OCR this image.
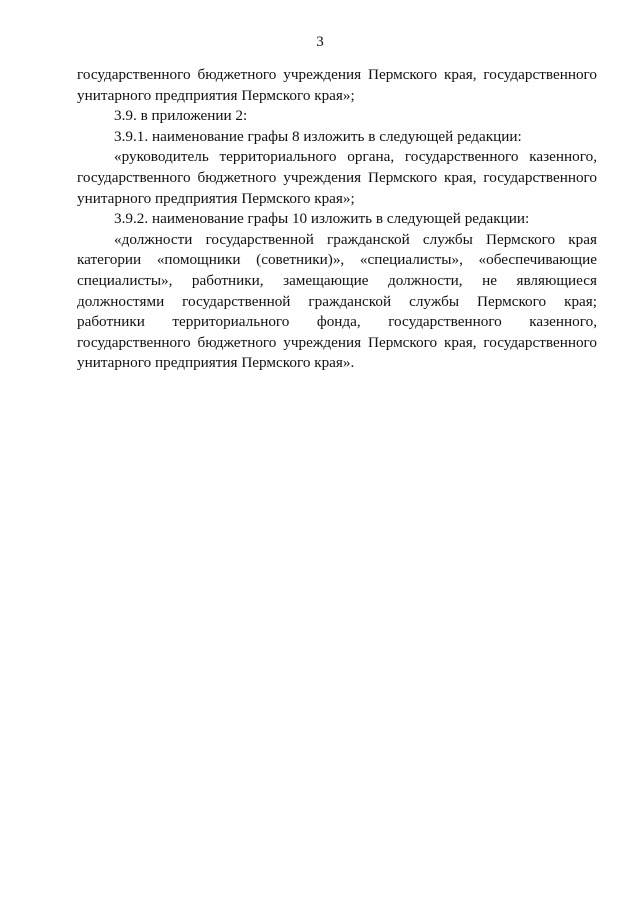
3
государственного бюджетного учреждения Пермского края, государственного
унитарного предприятия Пермского края»;
3.9. в приложении 2:
3.9.1. наименование графы 8 изложить в следующей редакции:
«руководитель территориального органа, государственного казенного,
государственного бюджетного учреждения Пермского края, государственного
унитарного предприятия Пермского края»;
3.9.2. наименование графы 10 изложить в следующей редакции:
«должности государственной гражданской службы Пермского края
категории «помощники (советники)», «специалисты», «обеспечивающие
специалисты», работники, замещающие должности, не являющиеся
должностями государственной гражданской службы Пермского края;
работники территориального фонда, государственного казенного,
государственного бюджетного учреждения Пермского края, государственного
унитарного предприятия Пермского края».
